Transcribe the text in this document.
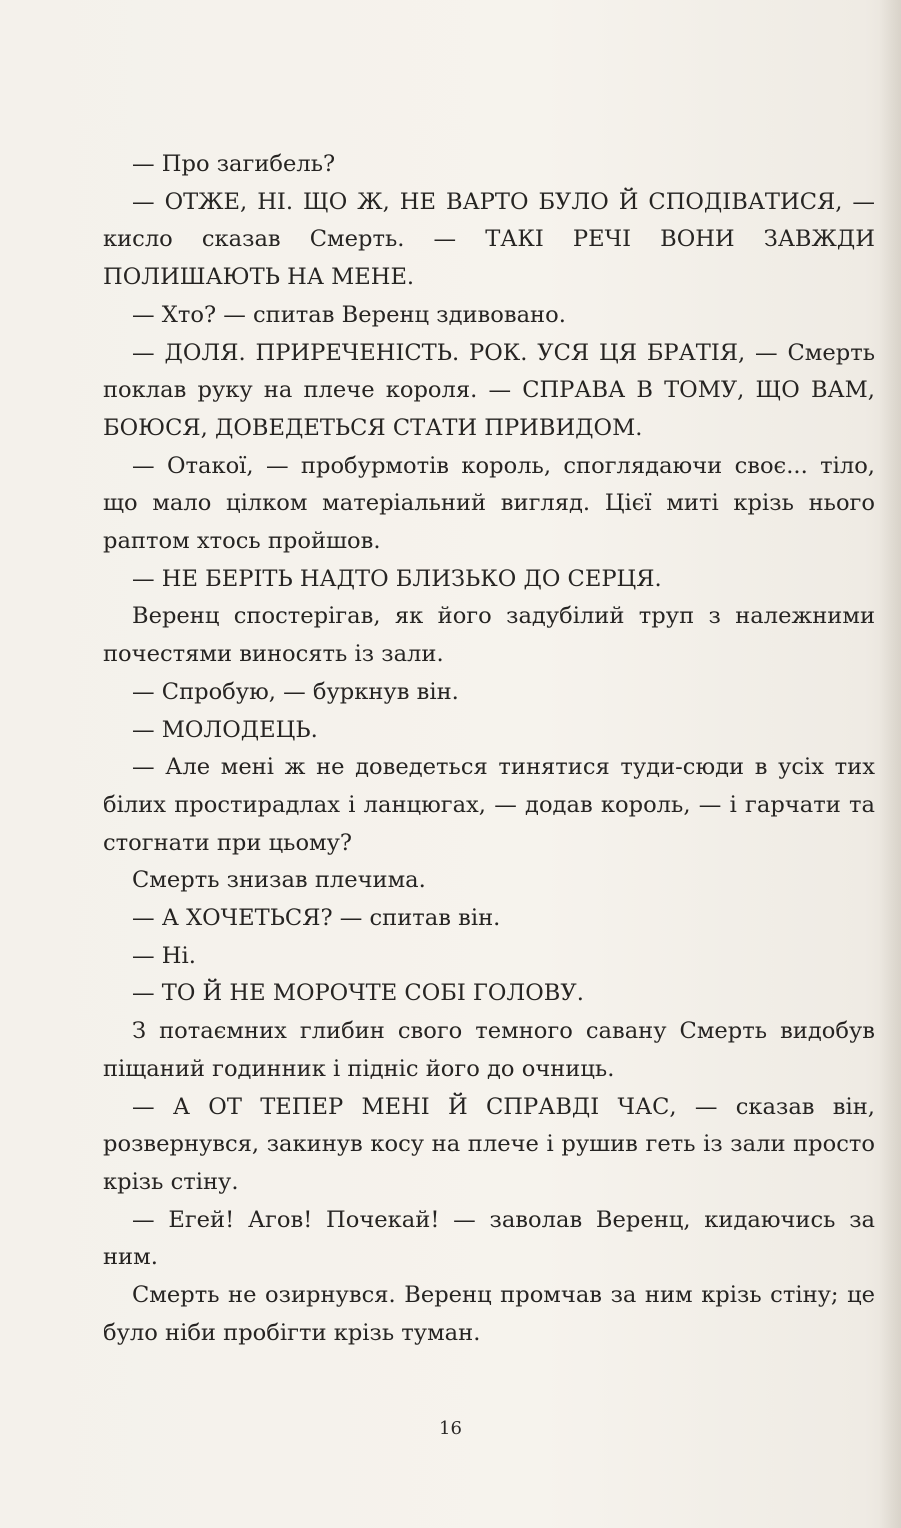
— Про загибель?

— ОТЖЕ, НІ. ЩО Ж, НЕ ВАРТО БУЛО Й СПОДІВАТИСЯ, — кисло сказав Смерть. — ТАКІ РЕЧІ ВОНИ ЗАВЖДИ ПОЛИШАЮТЬ НА МЕНЕ.

— Хто? — спитав Веренц здивовано.

— ДОЛЯ. ПРИРЕЧЕНІСТЬ. РОК. УСЯ ЦЯ БРАТІЯ, — Смерть поклав руку на плече короля. — СПРАВА В ТОМУ, ЩО ВАМ, БОЮСЯ, ДОВЕДЕТЬСЯ СТАТИ ПРИВИДОМ.

— Отакої, — пробурмотів король, споглядаючи своє... тіло, що мало цілком матеріальний вигляд. Цієї миті крізь нього раптом хтось пройшов.

— НЕ БЕРІТЬ НАДТО БЛИЗЬКО ДО СЕРЦЯ.

Веренц спостерігав, як його задубілий труп з належними почестями виносять із зали.

— Спробую, — буркнув він.

— МОЛОДЕЦЬ.

— Але мені ж не доведеться тинятися туди-сюди в усіх тих білих простирадлах і ланцюгах, — додав король, — і гарчати та стогнати при цьому?

Смерть знизав плечима.

— А ХОЧЕТЬСЯ? — спитав він.

— Ні.

— ТО Й НЕ МОРОЧТЕ СОБІ ГОЛОВУ.

З потаємних глибин свого темного савану Смерть видобув піщаний годинник і підніс його до очниць.

— А ОТ ТЕПЕР МЕНІ Й СПРАВДІ ЧАС, — сказав він, розвернувся, закинув косу на плече і рушив геть із зали просто крізь стіну.

— Егей! Агов! Почекай! — заволав Веренц, кидаючись за ним.

Смерть не озирнувся. Веренц промчав за ним крізь стіну; це було ніби пробігти крізь туман.

16
